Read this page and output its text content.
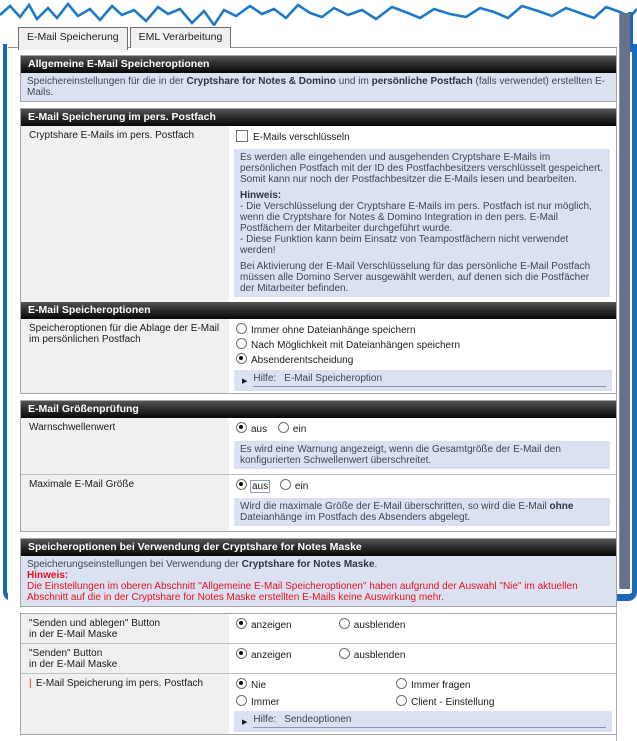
E-Mail Speicherung	EML Verarbeitung
Allgemeine E-Mail Speicheroptionen
Speichereinstellungen für die in der Cryptshare for Notes & Domino und im persönliche Postfach (falls verwendet) erstellten E-Mails.
E-Mail Speicherung im pers. Postfach
Cryptshare E-Mails im pers. Postfach	E-Mails verschlüsseln

Es werden alle eingehenden und ausgehenden Cryptshare E-Mails im persönlichen Postfach mit der ID des Postfachbesitzers verschlüsselt gespeichert.
Somit kann nur noch der Postfachbesitzer die E-Mails lesen und bearbeiten.

Hinweis:
- Die Verschlüsselung der Cryptshare E-Mails im pers. Postfach ist nur möglich, wenn die Cryptshare for Notes & Domino Integration in den pers. E-Mail Postfächern der Mitarbeiter durchgeführt wurde.
- Diese Funktion kann beim Einsatz von Teampostfächern nicht verwendet werden!

Bei Aktivierung der E-Mail Verschlüsselung für das persönliche E-Mail Postfach müssen alle Domino Server ausgewählt werden, auf denen sich die Postfächer der Mitarbeiter befinden.

E-Mail Speicheroptionen
Speicheroptionen für die Ablage der E-Mail
im persönlichen Postfach
Immer ohne Dateianhänge speichern
Nach Möglichkeit mit Dateianhängen speichern
Absenderentscheidung
▶ Hilfe: E-Mail Speicheroption
E-Mail Größenprüfung
Warnschwellenwert	aus	ein
Es wird eine Warnung angezeigt, wenn die Gesamtgröße der E-Mail den konfigurierten Schwellenwert überschreitet.
Maximale E-Mail Größe	aus	ein
Wird die maximale Größe der E-Mail überschritten, so wird die E-Mail ohne Dateianhänge im Postfach des Absenders abgelegt.
Speicheroptionen bei Verwendung der Cryptshare for Notes Maske
Speicherungseinstellungen bei Verwendung der Cryptshare for Notes Maske.
Hinweis:
Die Einstellungen im oberen Abschnitt "Allgemeine E-Mail Speicheroptionen" haben aufgrund der Auswahl "Nie" im aktuellen Abschnitt auf die in der Cryptshare for Notes Maske erstellten E-Mails keine Auswirkung mehr.
"Senden und ablegen" Button
in der E-Mail Maske
anzeigen	ausblenden
"Senden" Button
in der E-Mail Maske
anzeigen	ausblenden
| E-Mail Speicherung im pers. Postfach	Nie	Immer fragen
Immer	Client - Einstellung
▶ Hilfe: Sendeoptionen
